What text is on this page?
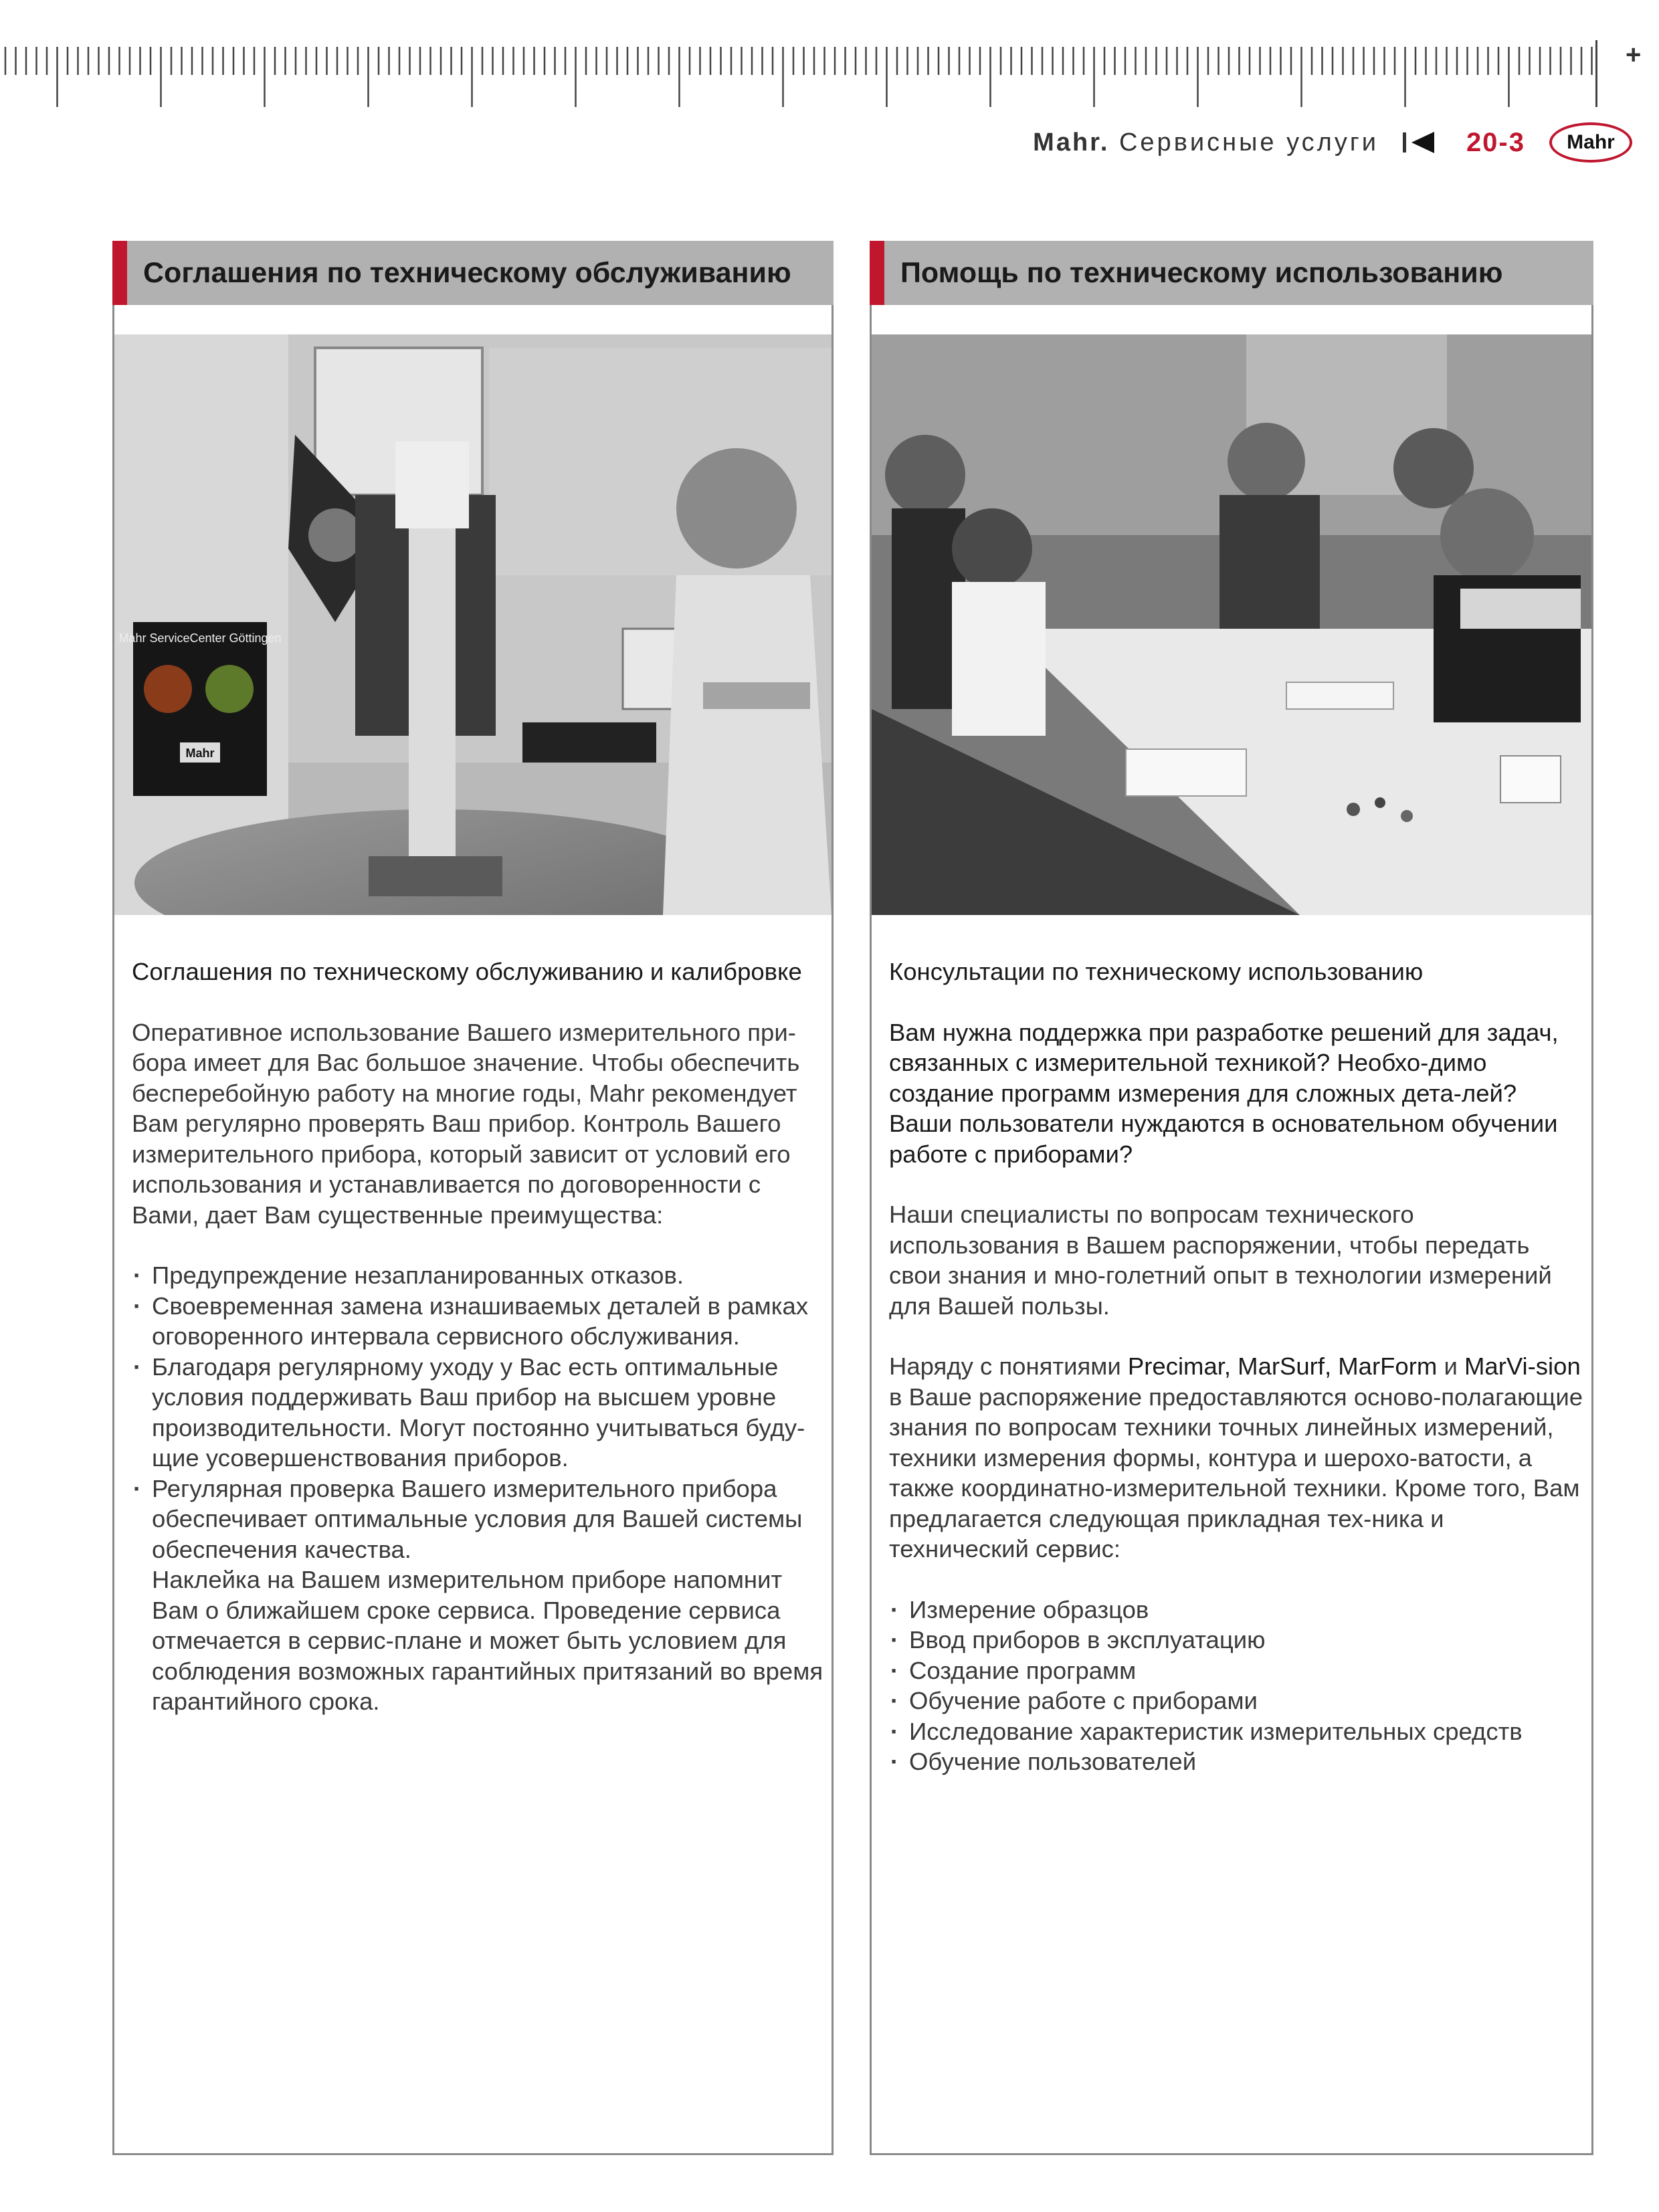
+
Mahr. Сервисные услуги	20-3	Mahr
Соглашения по техническому обслуживанию
Mahr ServiceCenter Göttingen
Mahr

Соглашения по техническому обслуживанию и калибровке

Оперативное использование Вашего измерительного при-бора имеет для Вас большое значение. Чтобы обеспечить бесперебойную работу на многие годы, Mahr рекомендует Вам регулярно проверять Ваш прибор. Контроль Вашего измерительного прибора, который зависит от условий его использования и устанавливается по договоренности с Вами, дает Вам существенные преимущества:

· Предупреждение незапланированных отказов.
· Своевременная замена изнашиваемых деталей в рамках оговоренного интервала сервисного обслуживания.
· Благодаря регулярному уходу у Вас есть оптимальные условия поддерживать Ваш прибор на высшем уровне производительности. Могут постоянно учитываться буду-щие усовершенствования приборов.
· Регулярная проверка Вашего измерительного прибора обеспечивает оптимальные условия для Вашей системы обеспечения качества.

Наклейка на Вашем измерительном приборе напомнит Вам о ближайшем сроке сервиса. Проведение сервиса отмечается в сервис-плане и может быть условием для соблюдения возможных гарантийных притязаний во время гарантийного срока.

Помощь по техническому использованию

Консультации по техническому использованию

Вам нужна поддержка при разработке решений для задач, связанных с измерительной техникой? Необхо-димо создание программ измерения для сложных дета-лей? Ваши пользователи нуждаются в основательном обучении работе с приборами?

Наши специалисты по вопросам технического использования в Вашем распоряжении, чтобы передать свои знания и мно-голетний опыт в технологии измерений для Вашей пользы.

Наряду с понятиями Precimar, MarSurf, MarForm и MarVi-sion в Ваше распоряжение предоставляются осново-полагающие знания по вопросам техники точных линейных измерений, техники измерения формы, контура и шерохо-ватости, а также координатно-измерительной техники. Кроме того, Вам предлагается следующая прикладная тех-ника и технический сервис:

· Измерение образцов
· Ввод приборов в эксплуатацию
· Создание программ
· Обучение работе с приборами
· Исследование характеристик измерительных средств
· Обучение пользователей
